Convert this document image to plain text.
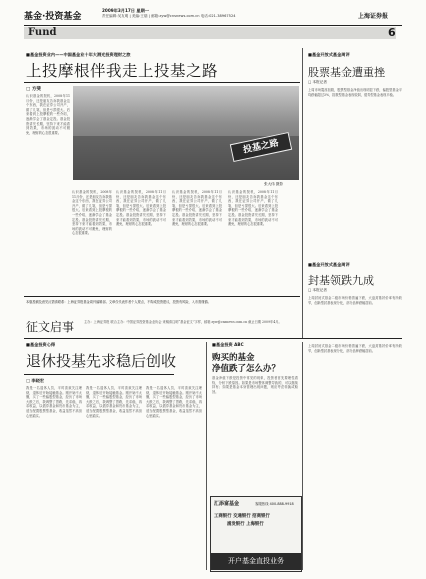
基金·投资基金
2009年3月17日 星期一
责任编辑:吴友明 | 美编:王瑞 | 邮箱:zyw@cnsnews.com.cn 电话:021-38967524
Fund
上海证券报
6
■基金投资业内——中国基金业十年大测光投资理财之旅
上投摩根伴我走上投基之路
□ 方斐
认识基金的契机，2008年11月份，还是朋友告诉我基金这个东西，我在证券公司开户，做了几笔，但是亏损很大。后来看到上投摩根的一些介绍，逐渐学会了基金定投。基金投资讲究长期，坚持下来才能看到效果，市场的波动不可避免，理财的心态很重要。
投基之路
张大伟 摄影
认识基金的契机，2008年11月份，还是朋友告诉我基金这个东西，我在证券公司开户，做了几笔，但是亏损很大。后来看到上投摩根的一些介绍，逐渐学会了基金定投。基金投资讲究长期，坚持下来才能看到效果，市场的波动不可避免，理财的心态很重要。
认识基金的契机，2008年11月份，还是朋友告诉我基金这个东西，我在证券公司开户，做了几笔，但是亏损很大。后来看到上投摩根的一些介绍，逐渐学会了基金定投。基金投资讲究长期，坚持下来才能看到效果，市场的波动不可避免，理财的心态很重要。
认识基金的契机，2008年11月份，还是朋友告诉我基金这个东西，我在证券公司开户，做了几笔，但是亏损很大。后来看到上投摩根的一些介绍，逐渐学会了基金定投。基金投资讲究长期，坚持下来才能看到效果，市场的波动不可避免，理财的心态很重要。
认识基金的契机，2008年11月份，还是朋友告诉我基金这个东西，我在证券公司开户，做了几笔，但是亏损很大。后来看到上投摩根的一些介绍，逐渐学会了基金定投。基金投资讲究长期，坚持下来才能看到效果，市场的波动不可避免，理财的心态很重要。
本版投稿及意见反馈请联系：上海证券报基金周刊编辑部。文章仅代表作者个人观点，不构成投资建议，投资有风险，入市需谨慎。
征文启事	主办：上海证券报 联合主办：中国证券投资基金业协会 来稿请注明“基金征文”字样，邮箱 zyw@cnsnews.com.cn 截止日期 2009年4月。
■基金开放式基金周评
股票基金遭重挫
□ 本报记者
上周市场震荡加剧，股票型基金净值出现明显下跌，偏股型基金平均跌幅超过3%，指数型基金表现较弱，债券型基金表现平稳。
■基金开放式基金周评
封基领跌九成
□ 本报记者
上周封闭式基金二级市场价格普遍下跌，大盘封基折价率有所收窄，创新型封基表现分化，部分品种跌幅居前。
■基金投资心得
退休投基先求稳后创收
□ 李晓宏
我是一名退休人员，平时喜欢关注理财，退休后开始接触基金。刚开始不太懂，买了一些偏股型基金，经历了市场大跌之后，我调整了思路，先求稳，再求收益，以债券基金和货币基金为主，适当配置股票型基金，收益虽然不高但心里踏实。
我是一名退休人员，平时喜欢关注理财，退休后开始接触基金。刚开始不太懂，买了一些偏股型基金，经历了市场大跌之后，我调整了思路，先求稳，再求收益，以债券基金和货币基金为主，适当配置股票型基金，收益虽然不高但心里踏实。
我是一名退休人员，平时喜欢关注理财，退休后开始接触基金。刚开始不太懂，买了一些偏股型基金，经历了市场大跌之后，我调整了思路，先求稳，再求收益，以债券基金和货币基金为主，适当配置股票型基金，收益虽然不高但心里踏实。
■基金投资 ABC
购买的基金
净值跌了怎么办？
基金净值下跌是投资中常见的现象，投资者首先要理性看待，分析下跌原因。如果是市场整体调整导致的，可以继续持有；如果是基金本身管理出现问题，则应考虑转换或赎回。
汇添富基金	客服热线 400-888-9918
工商银行 交通银行 招商银行
浦发银行 上海银行
开户基金直投业务
上周封闭式基金二级市场价格普遍下跌，大盘封基折价率有所收窄，创新型封基表现分化，部分品种跌幅居前。
